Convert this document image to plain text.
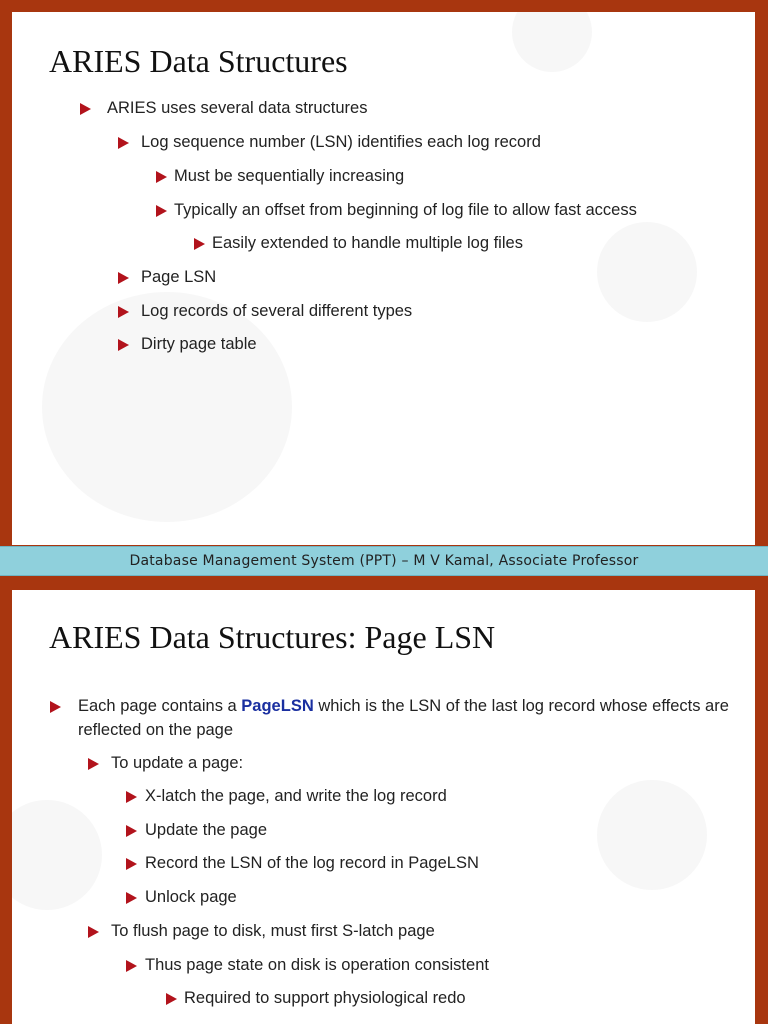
ARIES Data Structures
ARIES uses several data structures
Log sequence number (LSN) identifies each log record
Must be sequentially increasing
Typically an offset from beginning of log file to allow fast access
Easily extended to handle multiple log files
Page LSN
Log records of several different types
Dirty page table
Database Management System (PPT) – M V Kamal, Associate Professor
ARIES Data Structures: Page LSN
Each page contains a PageLSN which is the LSN of the last log record whose effects are reflected on the page
To update a page:
X-latch the page, and write the log record
Update the page
Record the LSN of the log record in PageLSN
Unlock page
To flush page to disk, must first S-latch page
Thus page state on disk is operation consistent
Required to support physiological redo
